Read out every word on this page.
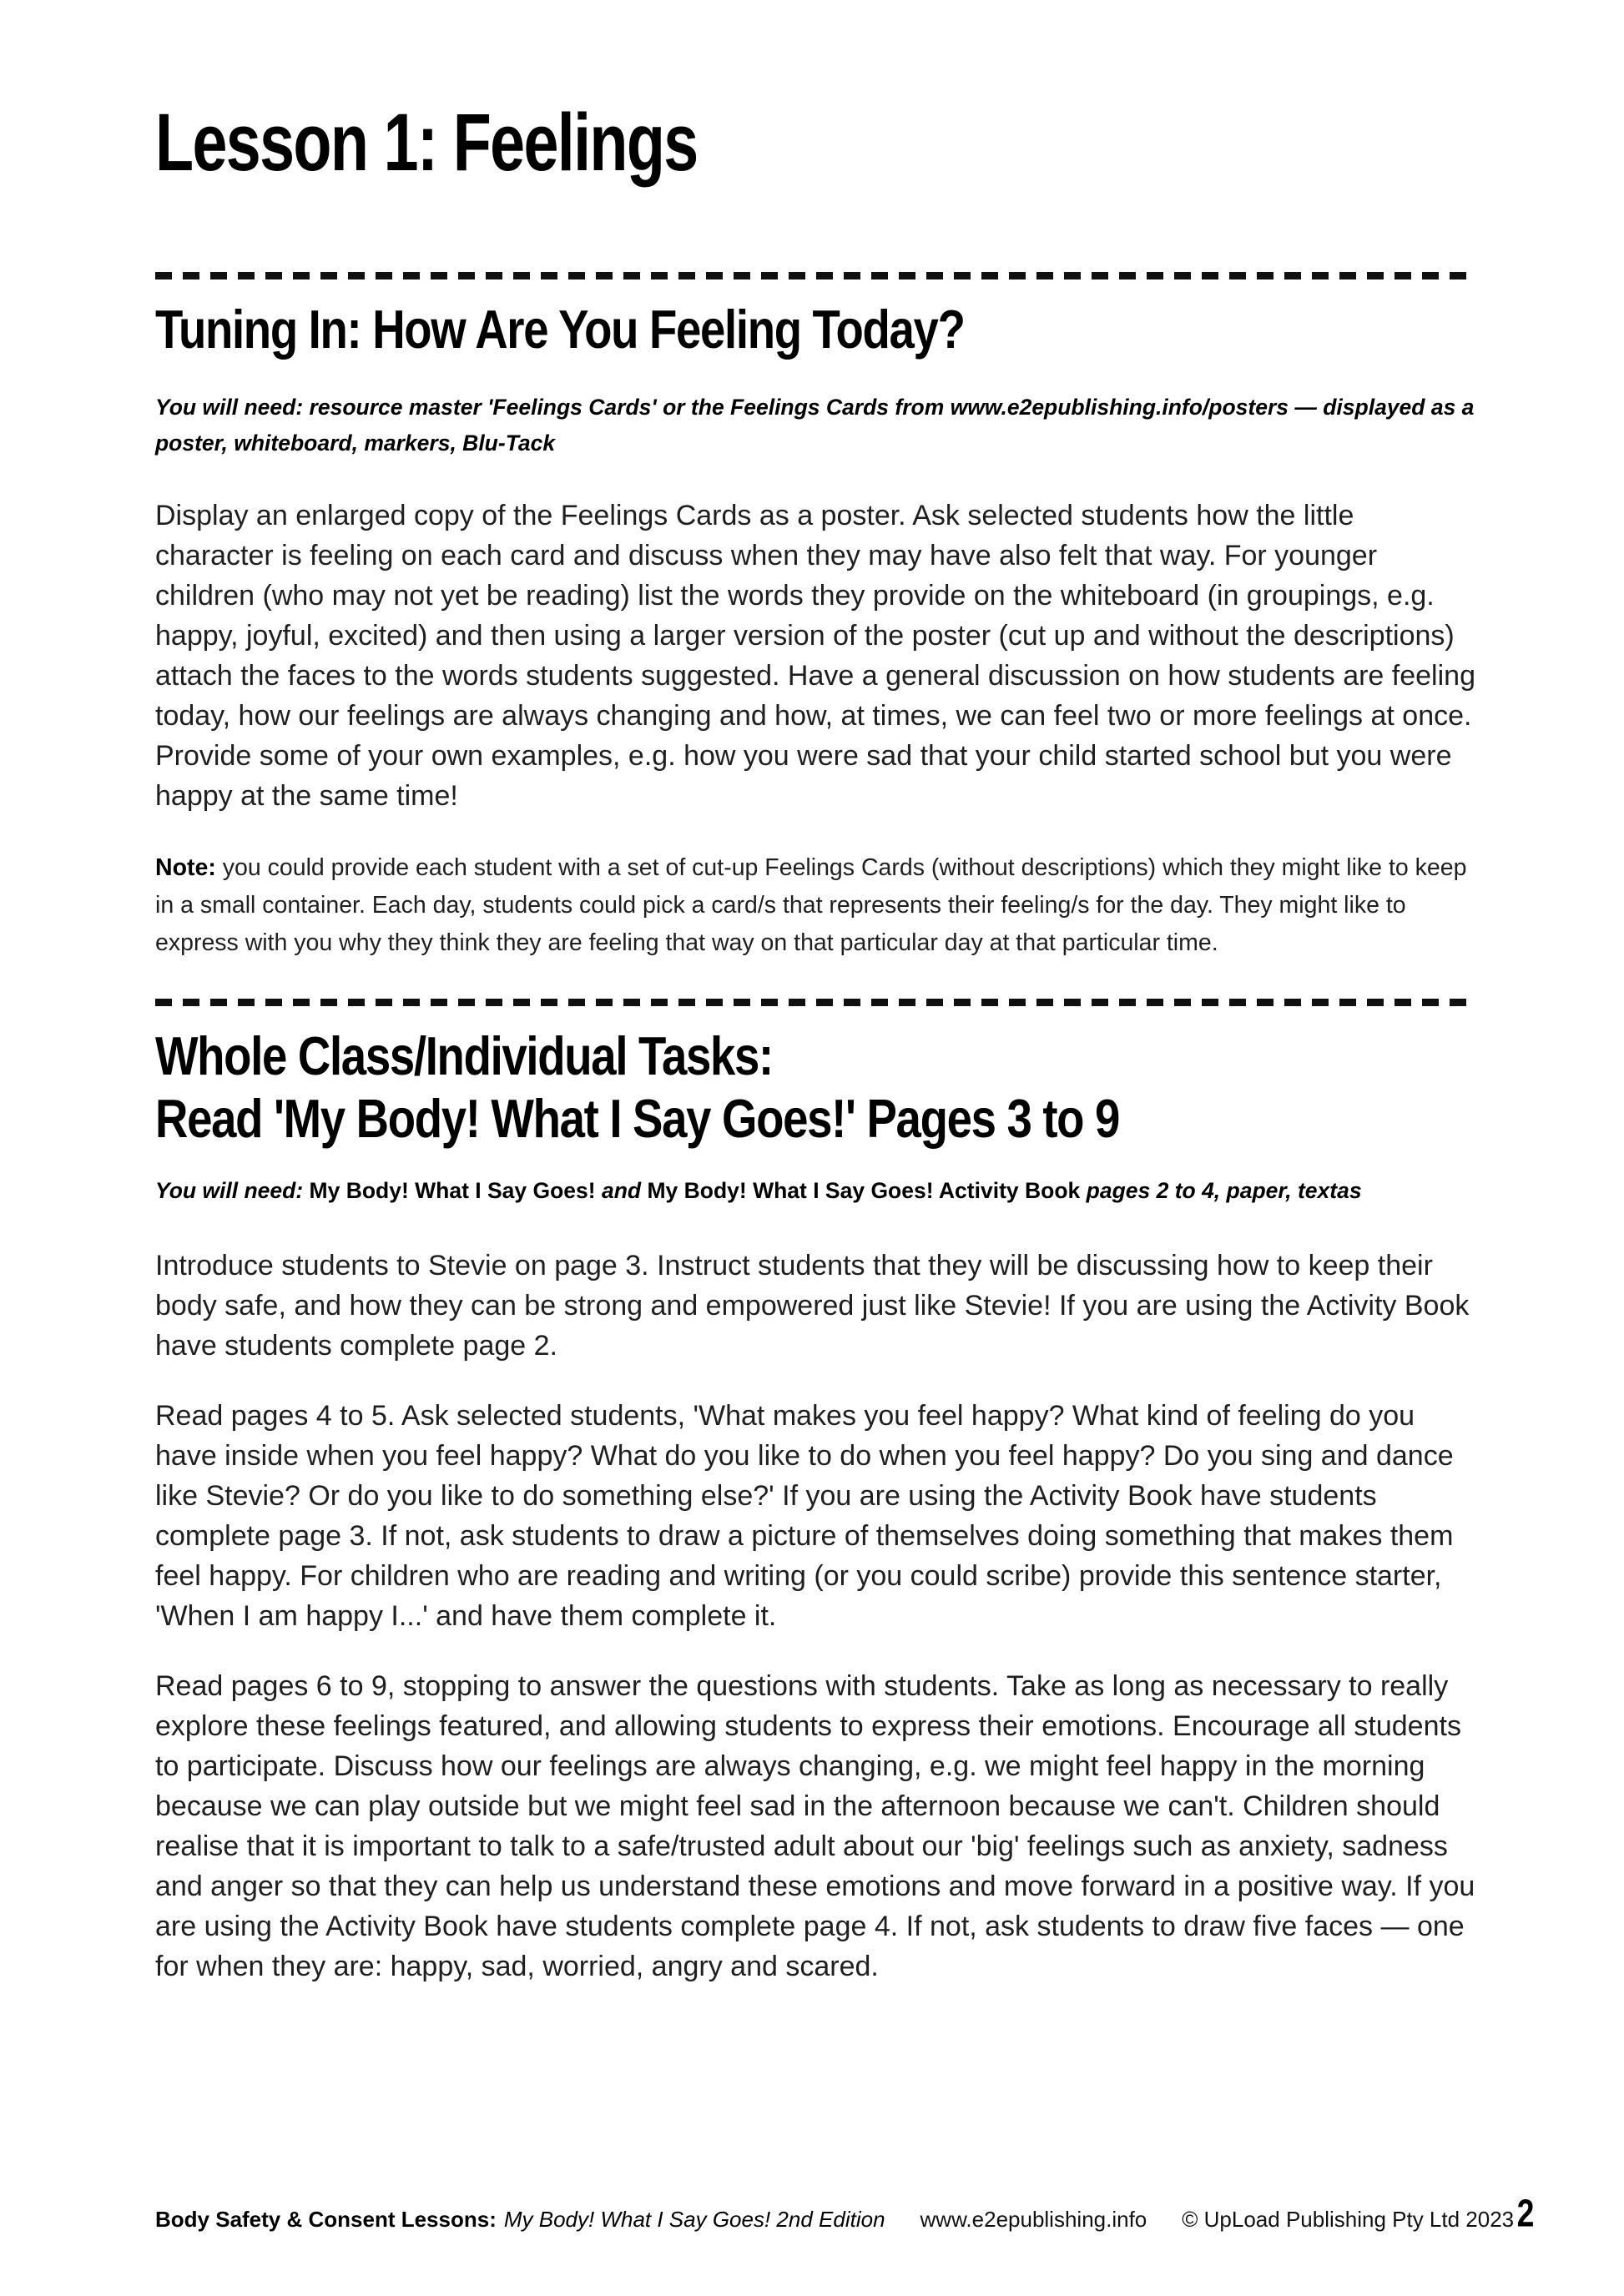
Lesson 1: Feelings
Tuning In: How Are You Feeling Today?

You will need: resource master 'Feelings Cards' or the Feelings Cards from www.e2epublishing.info/posters — displayed as a poster, whiteboard, markers, Blu-Tack

Display an enlarged copy of the Feelings Cards as a poster. Ask selected students how the little character is feeling on each card and discuss when they may have also felt that way. For younger children (who may not yet be reading) list the words they provide on the whiteboard (in groupings, e.g. happy, joyful, excited) and then using a larger version of the poster (cut up and without the descriptions) attach the faces to the words students suggested. Have a general discussion on how students are feeling today, how our feelings are always changing and how, at times, we can feel two or more feelings at once. Provide some of your own examples, e.g. how you were sad that your child started school but you were happy at the same time!

Note: you could provide each student with a set of cut-up Feelings Cards (without descriptions) which they might like to keep in a small container. Each day, students could pick a card/s that represents their feeling/s for the day. They might like to express with you why they think they are feeling that way on that particular day at that particular time.

Whole Class/Individual Tasks:
Read 'My Body! What I Say Goes!' Pages 3 to 9

You will need: My Body! What I Say Goes! and My Body! What I Say Goes! Activity Book pages 2 to 4, paper, textas

Introduce students to Stevie on page 3. Instruct students that they will be discussing how to keep their body safe, and how they can be strong and empowered just like Stevie! If you are using the Activity Book have students complete page 2.

Read pages 4 to 5. Ask selected students, 'What makes you feel happy? What kind of feeling do you have inside when you feel happy? What do you like to do when you feel happy? Do you sing and dance like Stevie? Or do you like to do something else?' If you are using the Activity Book have students complete page 3. If not, ask students to draw a picture of themselves doing something that makes them feel happy. For children who are reading and writing (or you could scribe) provide this sentence starter, 'When I am happy I...' and have them complete it.

Read pages 6 to 9, stopping to answer the questions with students. Take as long as necessary to really explore these feelings featured, and allowing students to express their emotions. Encourage all students to participate. Discuss how our feelings are always changing, e.g. we might feel happy in the morning because we can play outside but we might feel sad in the afternoon because we can't. Children should realise that it is important to talk to a safe/trusted adult about our 'big' feelings such as anxiety, sadness and anger so that they can help us understand these emotions and move forward in a positive way. If you are using the Activity Book have students complete page 4. If not, ask students to draw five faces — one for when they are: happy, sad, worried, angry and scared.

Body Safety & Consent Lessons: My Body! What I Say Goes! 2nd Edition www.e2epublishing.info © UpLoad Publishing Pty Ltd 2023 2
